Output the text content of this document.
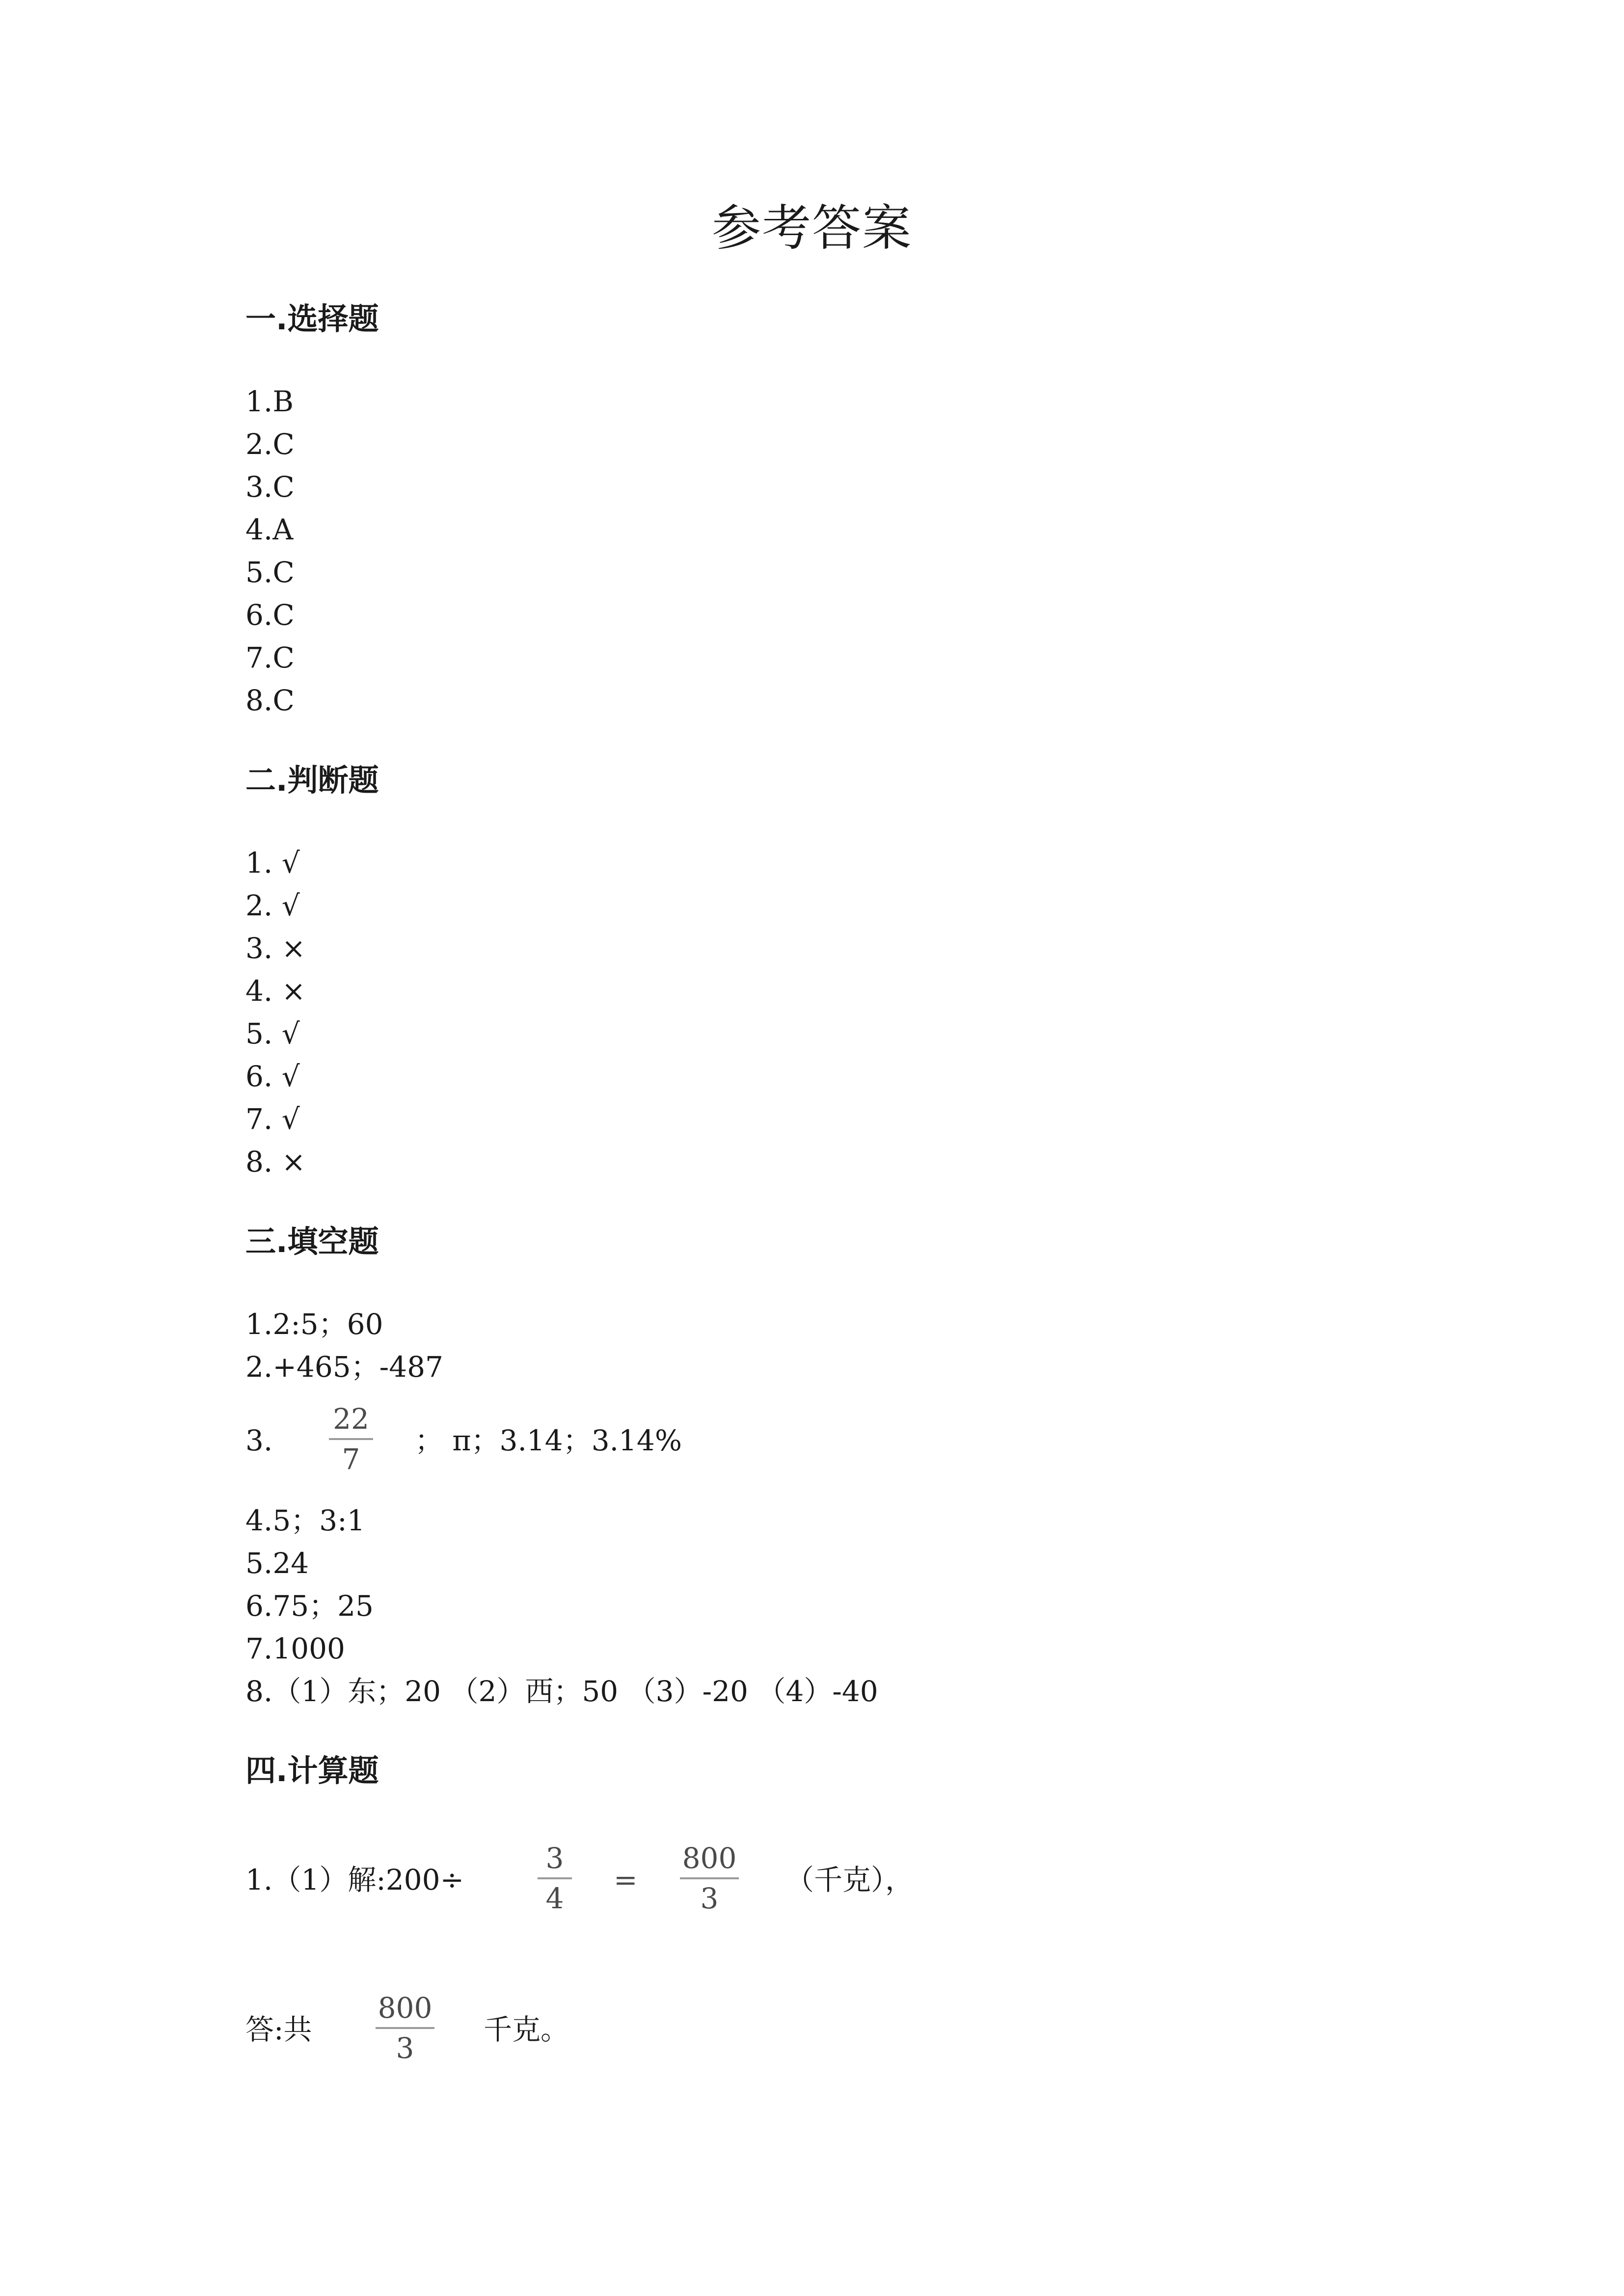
参考答案
一.选择题
1.B
2.C
3.C
4.A
5.C
6.C
7.C
8.C
二.判断题
1. √
2. √
3. ×
4. ×
5. √
6. √
7. √
8. ×
三.填空题
1.2:5；60
2.+465；-487
3.
22
7
； π；3.14；3.14%
4.5；3:1
5.24
6.75；25
7.1000
8.（1）东；20 （2）西；50 （3）-20 （4）-40
四.计算题
1.（1）解:200÷
3
4
=
800
3
（千克），
答:共
800
3
千克。
